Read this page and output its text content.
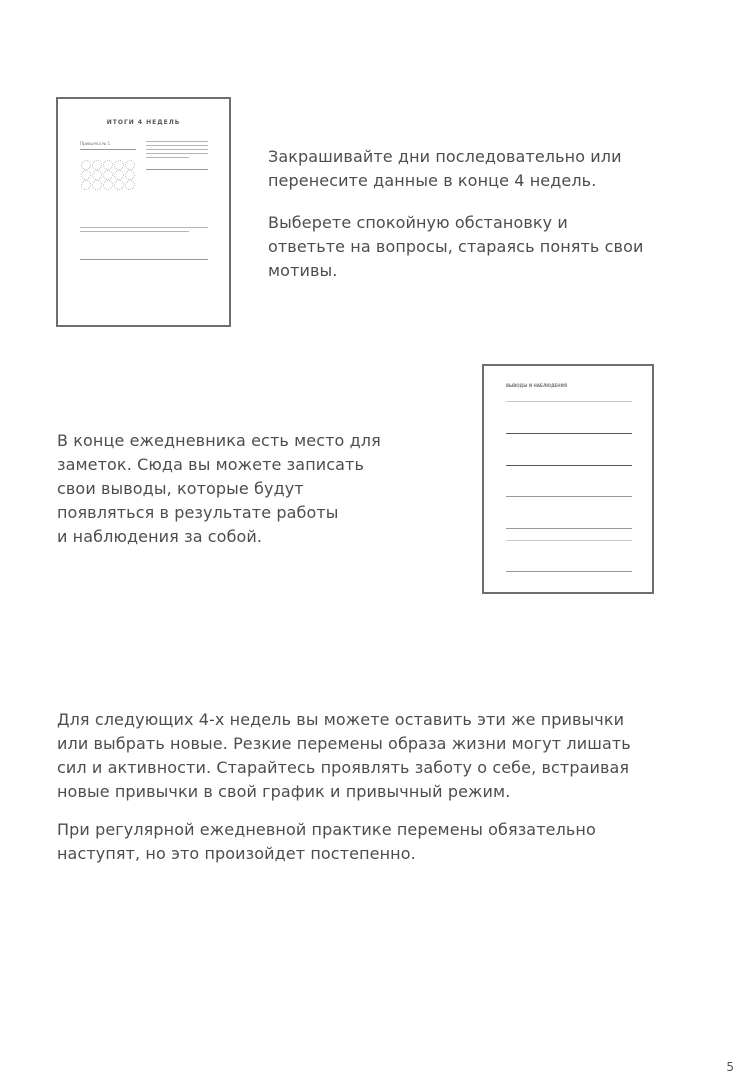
ИТОГИ 4 НЕДЕЛЬ
Привычка № 1
Закрашивайте дни последовательно или
перенесите данные в конце 4 недель.
Выберете спокойную обстановку и
ответьте на вопросы, стараясь понять свои
мотивы.
В конце ежедневника есть место для
заметок. Сюда вы можете записать
свои выводы, которые будут
появляться в результате работы
и наблюдения за собой.
ВЫВОДЫ И НАБЛЮДЕНИЯ
Для следующих 4-х недель вы можете оставить эти же привычки
или выбрать новые. Резкие перемены образа жизни могут лишать
сил и активности. Старайтесь проявлять заботу о себе, встраивая
новые привычки в свой график и привычный режим.
При регулярной ежедневной практике перемены обязательно
наступят, но это произойдет постепенно.
5
